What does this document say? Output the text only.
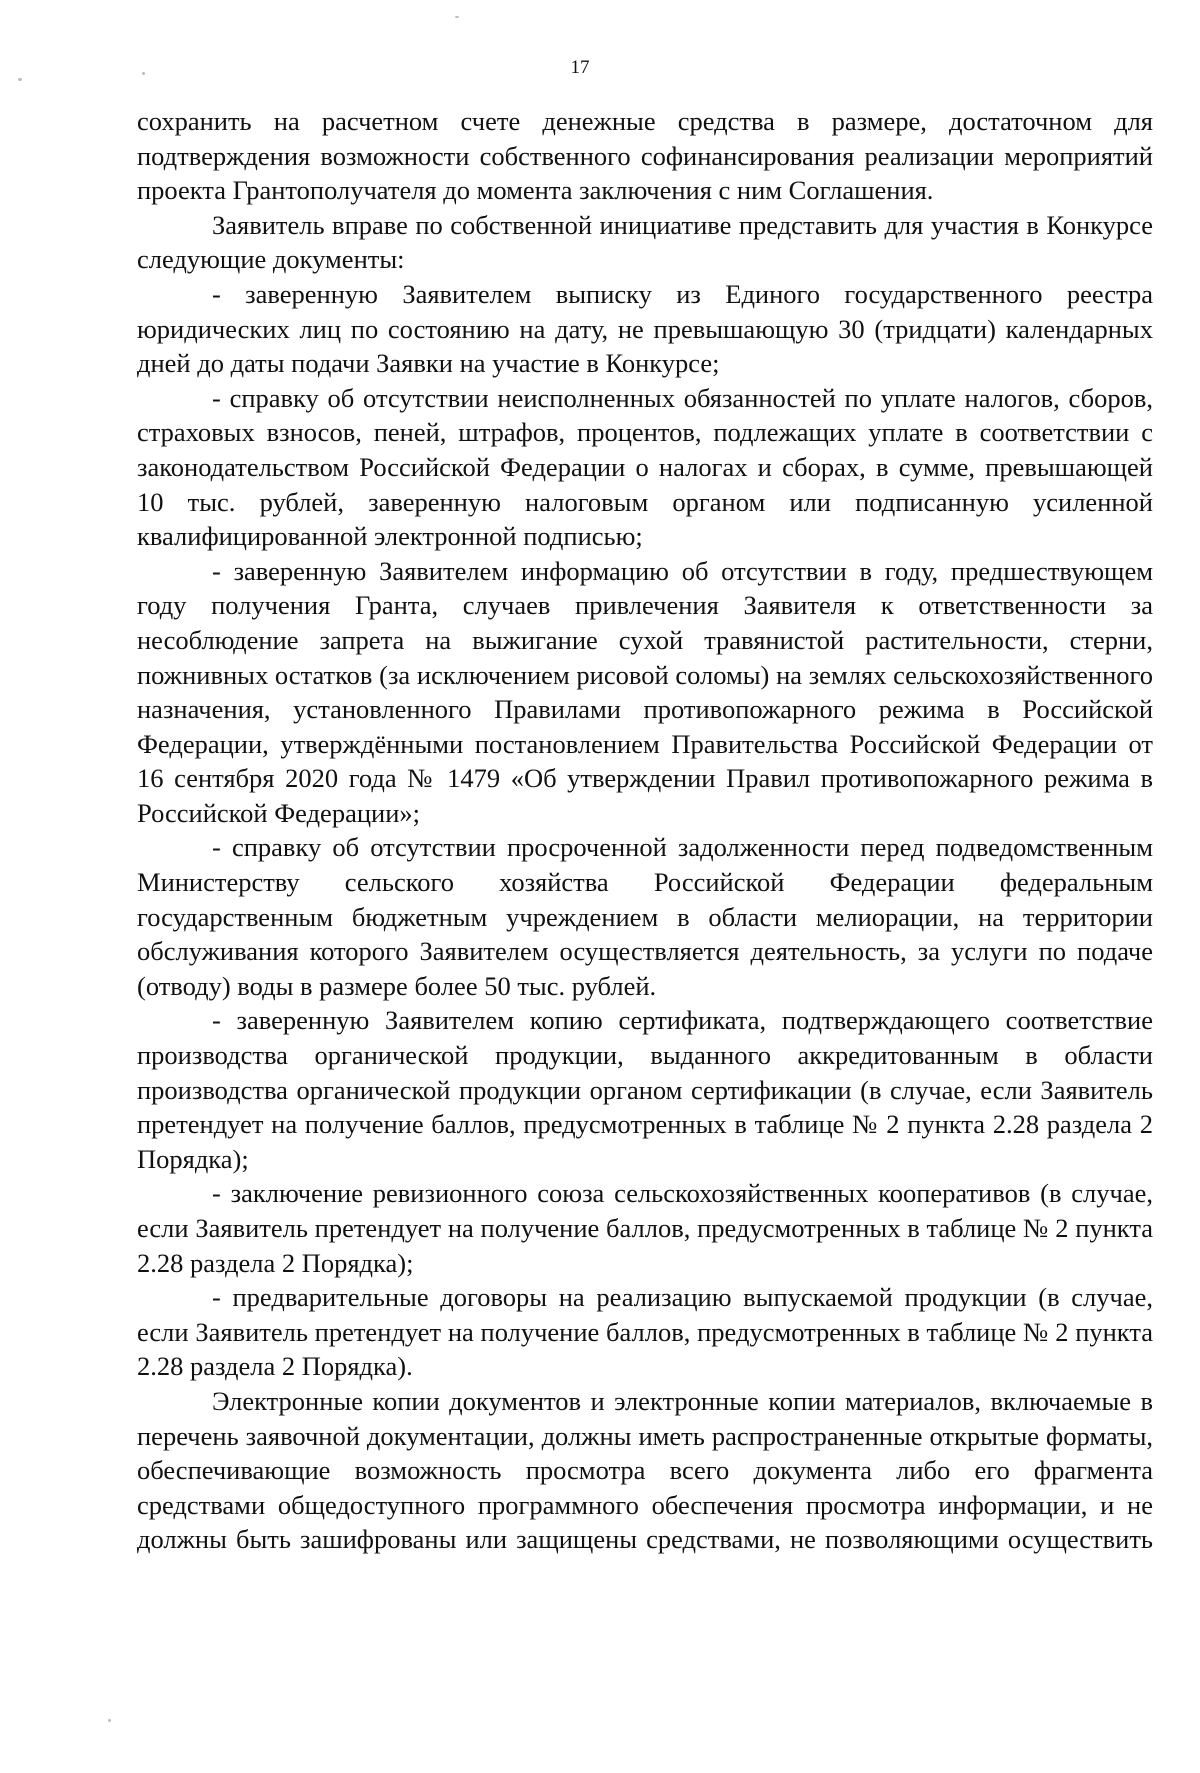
17

сохранить на расчетном счете денежные средства в размере, достаточном для подтверждения возможности собственного софинансирования реализации мероприятий проекта Грантополучателя до момента заключения с ним Соглашения.

Заявитель вправе по собственной инициативе представить для участия в Конкурсе следующие документы:

- заверенную Заявителем выписку из Единого государственного реестра юридических лиц по состоянию на дату, не превышающую 30 (тридцати) календарных дней до даты подачи Заявки на участие в Конкурсе;

- справку об отсутствии неисполненных обязанностей по уплате налогов, сборов, страховых взносов, пеней, штрафов, процентов, подлежащих уплате в соответствии с законодательством Российской Федерации о налогах и сборах, в сумме, превышающей 10 тыс. рублей, заверенную налоговым органом или подписанную усиленной квалифицированной электронной подписью;

- заверенную Заявителем информацию об отсутствии в году, предшествующем году получения Гранта, случаев привлечения Заявителя к ответственности за несоблюдение запрета на выжигание сухой травянистой растительности, стерни, пожнивных остатков (за исключением рисовой соломы) на землях сельскохозяйственного назначения, установленного Правилами противопожарного режима в Российской Федерации, утверждёнными постановлением Правительства Российской Федерации от 16 сентября 2020 года № 1479 «Об утверждении Правил противопожарного режима в Российской Федерации»;

- справку об отсутствии просроченной задолженности перед подведомственным Министерству сельского хозяйства Российской Федерации федеральным государственным бюджетным учреждением в области мелиорации, на территории обслуживания которого Заявителем осуществляется деятельность, за услуги по подаче (отводу) воды в размере более 50 тыс. рублей.

- заверенную Заявителем копию сертификата, подтверждающего соответствие производства органической продукции, выданного аккредитованным в области производства органической продукции органом сертификации (в случае, если Заявитель претендует на получение баллов, предусмотренных в таблице № 2 пункта 2.28 раздела 2 Порядка);

- заключение ревизионного союза сельскохозяйственных кооперативов (в случае, если Заявитель претендует на получение баллов, предусмотренных в таблице № 2 пункта 2.28 раздела 2 Порядка);

- предварительные договоры на реализацию выпускаемой продукции (в случае, если Заявитель претендует на получение баллов, предусмотренных в таблице № 2 пункта 2.28 раздела 2 Порядка).

Электронные копии документов и электронные копии материалов, включаемые в перечень заявочной документации, должны иметь распространенные открытые форматы, обеспечивающие возможность просмотра всего документа либо его фрагмента средствами общедоступного программного обеспечения просмотра информации, и не должны быть зашифрованы или защищены средствами, не позволяющими осуществить
